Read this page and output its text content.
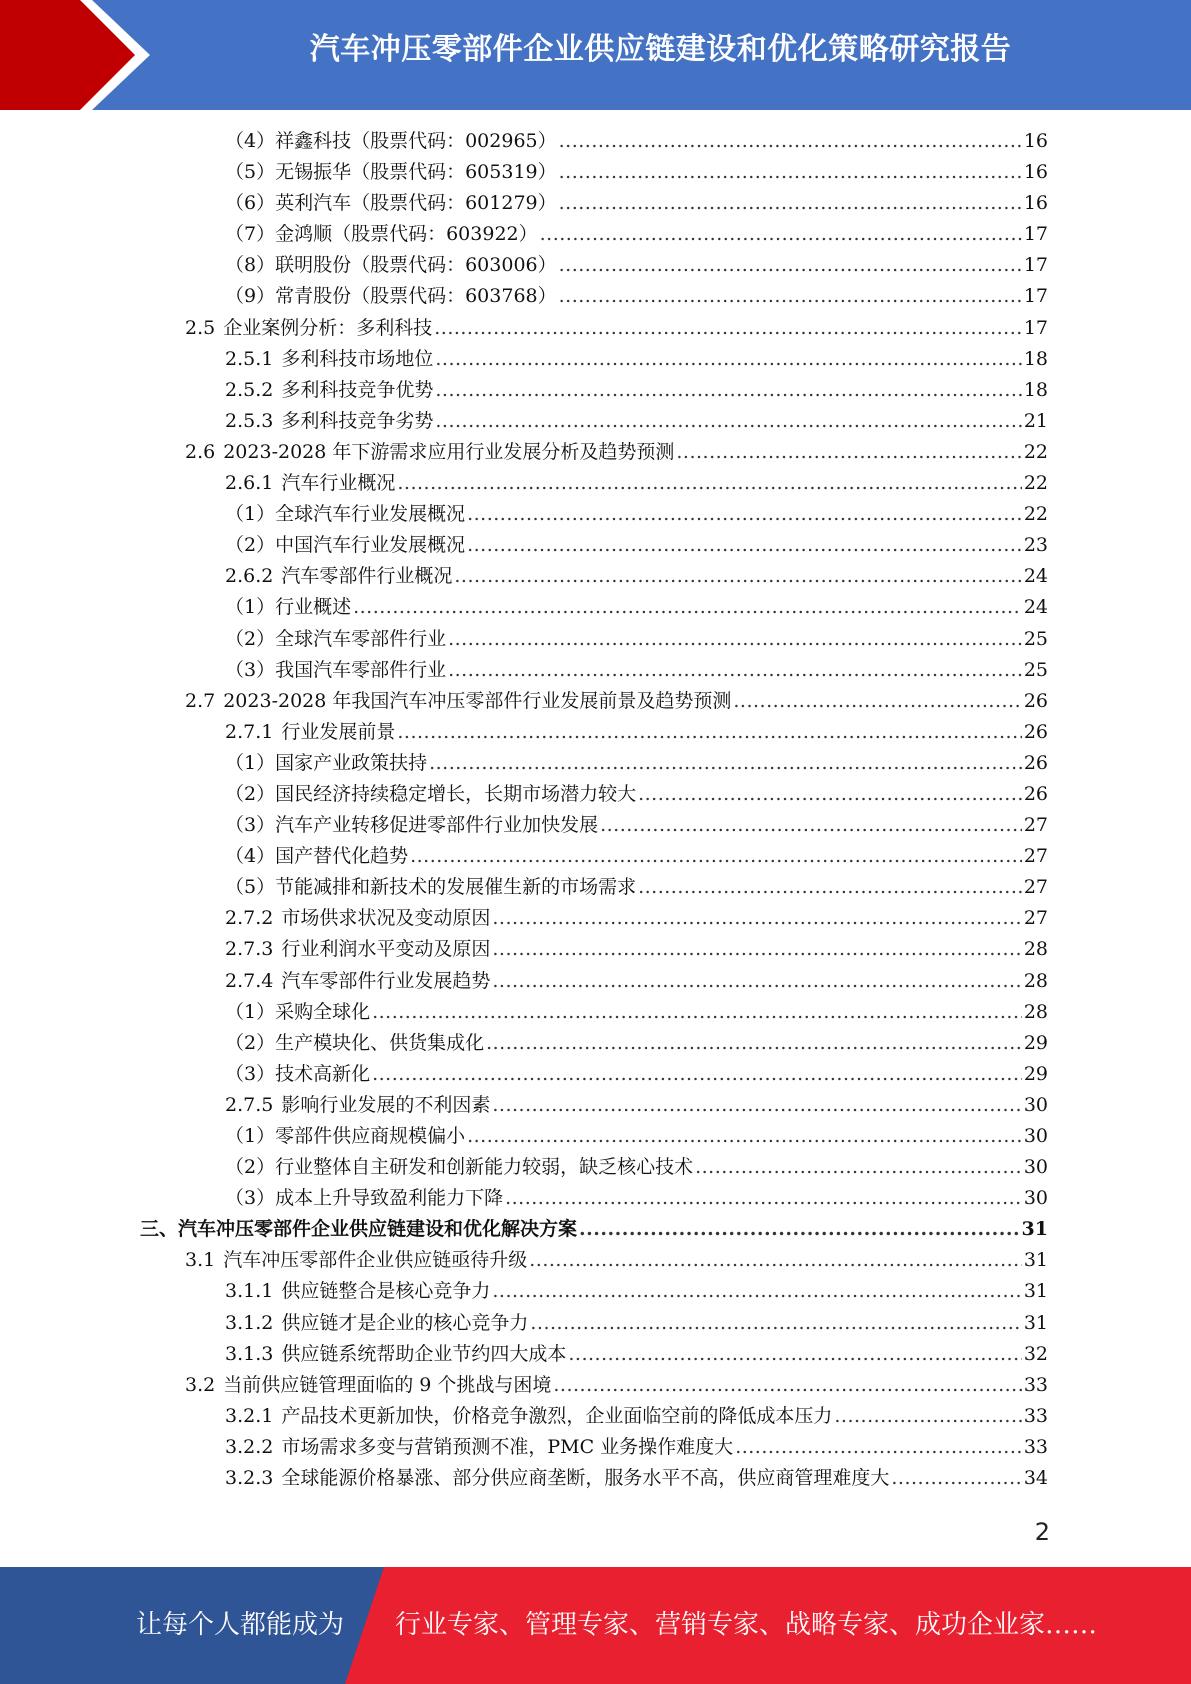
汽车冲压零部件企业供应链建设和优化策略研究报告
（4）祥鑫科技（股票代码：002965） .....	16
（5）无锡振华（股票代码：605319） .....	16
（6）英利汽车（股票代码：601279） .....	16
（7）金鸿顺（股票代码：603922） .....	17
（8）联明股份（股票代码：603006） .....	17
（9）常青股份（股票代码：603768） .....	17
2.5 企业案例分析：多利科技 .....	17
2.5.1 多利科技市场地位 .....	18
2.5.2 多利科技竞争优势 .....	18
2.5.3 多利科技竞争劣势 .....	21
2.6 2023-2028 年下游需求应用行业发展分析及趋势预测 .....	22
2.6.1 汽车行业概况 .....	22
（1）全球汽车行业发展概况 .....	22
（2）中国汽车行业发展概况 .....	23
2.6.2 汽车零部件行业概况 .....	24
（1）行业概述 .....	24
（2）全球汽车零部件行业 .....	25
（3）我国汽车零部件行业 .....	25
2.7 2023-2028 年我国汽车冲压零部件行业发展前景及趋势预测 .....	26
2.7.1 行业发展前景 .....	26
（1）国家产业政策扶持 .....	26
（2）国民经济持续稳定增长，长期市场潜力较大 .....	26
（3）汽车产业转移促进零部件行业加快发展 .....	27
（4）国产替代化趋势 .....	27
（5）节能减排和新技术的发展催生新的市场需求 .....	27
2.7.2 市场供求状况及变动原因 .....	27
2.7.3 行业利润水平变动及原因 .....	28
2.7.4 汽车零部件行业发展趋势 .....	28
（1）采购全球化 .....	28
（2）生产模块化、供货集成化 .....	29
（3）技术高新化 .....	29
2.7.5 影响行业发展的不利因素 .....	30
（1）零部件供应商规模偏小 .....	30
（2）行业整体自主研发和创新能力较弱，缺乏核心技术 .....	30
（3）成本上升导致盈利能力下降 .....	30
三、汽车冲压零部件企业供应链建设和优化解决方案 .....	31
3.1 汽车冲压零部件企业供应链亟待升级 .....	31
3.1.1 供应链整合是核心竞争力 .....	31
3.1.2 供应链才是企业的核心竞争力 .....	31
3.1.3 供应链系统帮助企业节约四大成本 .....	32
3.2 当前供应链管理面临的 9 个挑战与困境 .....	33
3.2.1 产品技术更新加快，价格竞争激烈，企业面临空前的降低成本压力 .....	33
3.2.2 市场需求多变与营销预测不准，PMC 业务操作难度大 .....	33
3.2.3 全球能源价格暴涨、部分供应商垄断，服务水平不高，供应商管理难度大 .....	34
2
让每个人都能成为	行业专家、管理专家、营销专家、战略专家、成功企业家……
